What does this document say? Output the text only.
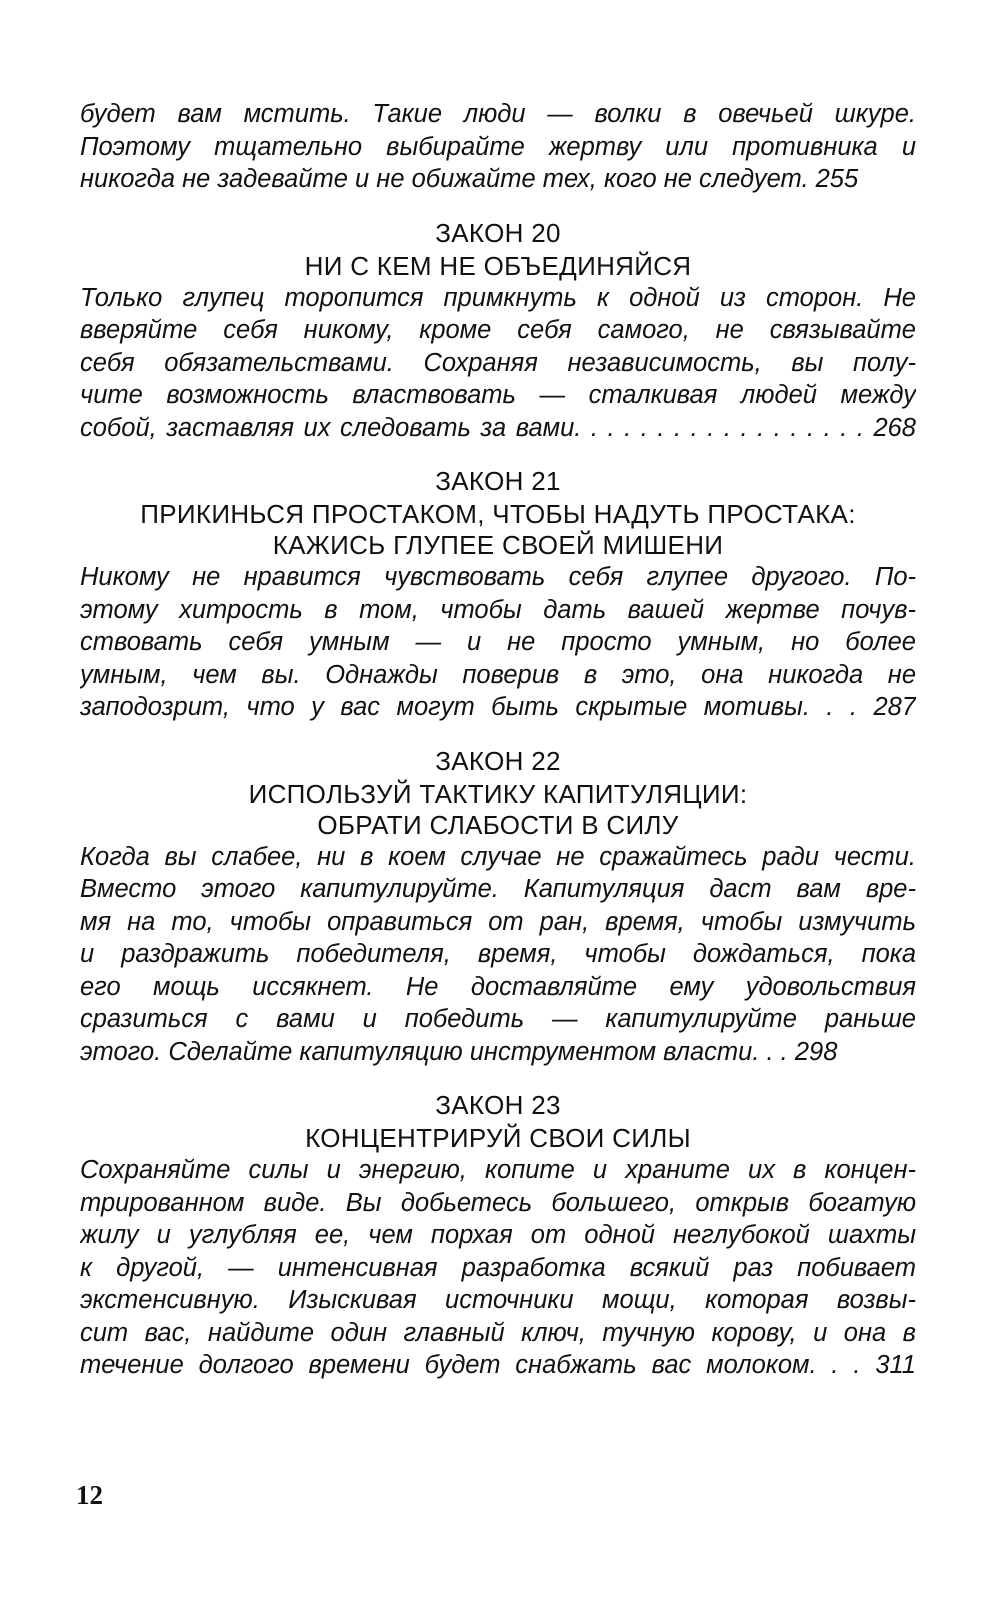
будет вам мстить. Такие люди — волки в овечьей шкуре.
Поэтому тщательно выбирайте жертву или противника и
никогда не задевайте и не обижайте тех, кого не следует. 255

ЗАКОН 20

НИ С КЕМ НЕ ОБЪЕДИНЯЙСЯ

Только глупец торопится примкнуть к одной из сторон. Не
вверяйте себя никому, кроме себя самого, не связывайте
себя обязательствами. Сохраняя независимость, вы полу-
чите возможность властвовать — сталкивая людей между
собой, заставляя их следовать за вами. . . . . . . . . . . . . . . . . . 268

ЗАКОН 21

ПРИКИНЬСЯ ПРОСТАКОМ, ЧТОБЫ НАДУТЬ ПРОСТАКА:

КАЖИСЬ ГЛУПЕЕ СВОЕЙ МИШЕНИ

Никому не нравится чувствовать себя глупее другого. По-
этому хитрость в том, чтобы дать вашей жертве почув-
ствовать себя умным — и не просто умным, но более
умным, чем вы. Однажды поверив в это, она никогда не
заподозрит, что у вас могут быть скрытые мотивы. . . 287

ЗАКОН 22

ИСПОЛЬЗУЙ ТАКТИКУ КАПИТУЛЯЦИИ:

ОБРАТИ СЛАБОСТИ В СИЛУ

Когда вы слабее, ни в коем случае не сражайтесь ради чести.
Вместо этого капитулируйте. Капитуляция даст вам вре-
мя на то, чтобы оправиться от ран, время, чтобы измучить
и раздражить победителя, время, чтобы дождаться, пока
его мощь иссякнет. Не доставляйте ему удовольствия
сразиться с вами и победить — капитулируйте раньше
этого. Сделайте капитуляцию инструментом власти. . . 298

ЗАКОН 23

КОНЦЕНТРИРУЙ СВОИ СИЛЫ

Сохраняйте силы и энергию, копите и храните их в концен-
трированном виде. Вы добьетесь большего, открыв богатую
жилу и углубляя ее, чем порхая от одной неглубокой шахты
к другой, — интенсивная разработка всякий раз побивает
экстенсивную. Изыскивая источники мощи, которая возвы-
сит вас, найдите один главный ключ, тучную корову, и она в
течение долгого времени будет снабжать вас молоком. . . 311

12
